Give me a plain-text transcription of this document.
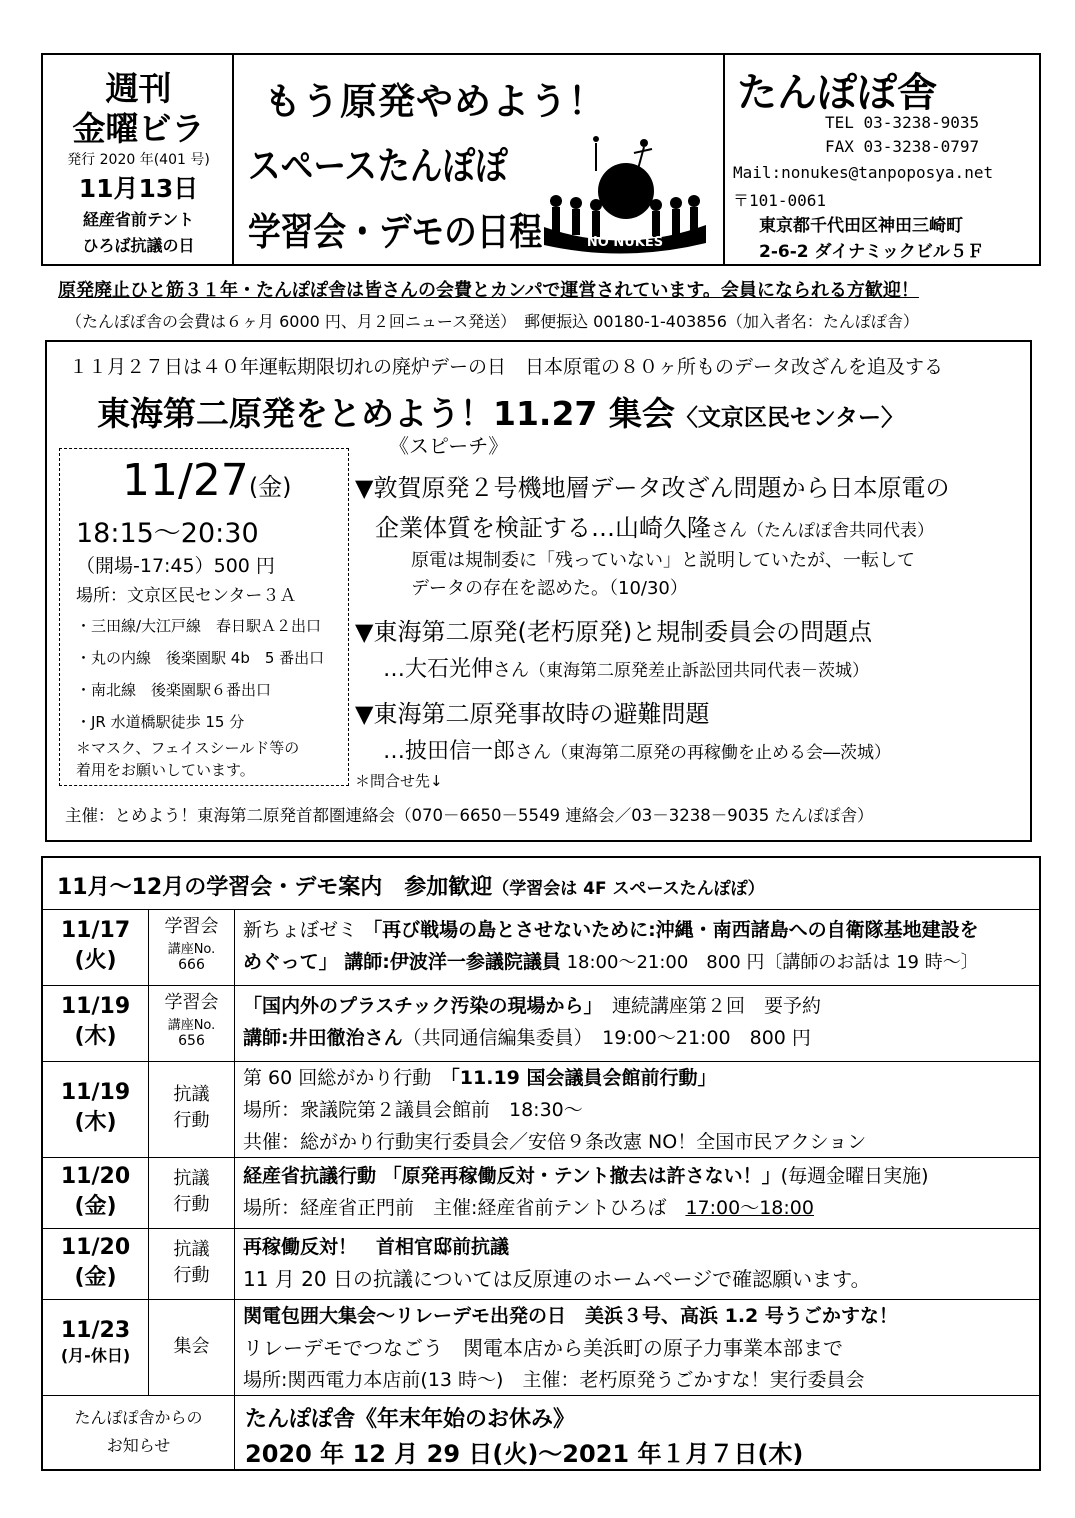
週刊
金曜ビラ
発行 2020 年(401 号)
11月13日
経産省前テント
ひろば抗議の日
もう原発やめよう！
スペースたんぽぽ
学習会・デモの日程	NO NUKES
たんぽぽ舎
TEL 03-3238-9035
FAX 03-3238-0797
Mail:nonukes@tanpoposya.net
〒101-0061
東京都千代田区神田三崎町
2-6-2 ダイナミックビル５Ｆ
原発廃止ひと筋３１年・たんぽぽ舎は皆さんの会費とカンパで運営されています。会員になられる方歓迎！
（たんぽぽ舎の会費は６ヶ月 6000 円、月２回ニュース発送）　郵便振込 00180-1-403856（加入者名：たんぽぽ舎）
１１月２７日は４０年運転期限切れの廃炉デーの日　日本原電の８０ヶ所ものデータ改ざんを追及する
東海第二原発をとめよう！11.27 集会〈文京区民センター〉
《スピーチ》
11/27(金)
18:15～20:30
（開場-17:45）500 円
場所：文京区民センター３Ａ
・三田線/大江戸線　春日駅Ａ２出口
・丸の内線　後楽園駅 4b　5 番出口
・南北線　後楽園駅６番出口
・JR 水道橋駅徒歩 15 分
＊マスク、フェイスシールド等の
着用をお願いしています。
▼敦賀原発２号機地層データ改ざん問題から日本原電の
企業体質を検証する…山崎久隆さん（たんぽぽ舎共同代表）
原電は規制委に「残っていない」と説明していたが、一転して
データの存在を認めた。（10/30）
▼東海第二原発(老朽原発)と規制委員会の問題点
…大石光伸さん（東海第二原発差止訴訟団共同代表－茨城）
▼東海第二原発事故時の避難問題
…披田信一郎さん（東海第二原発の再稼働を止める会―茨城）
＊問合せ先↓
主催：とめよう！東海第二原発首都圏連絡会（070－6650－5549 連絡会／03－3238－9035 たんぽぽ舎）
11月～12月の学習会・デモ案内　参加歓迎（学習会は 4F スペースたんぽぽ）
11/17
(火)
学習会
講座No.
666
新ちょぼゼミ 「再び戦場の島とさせないために:沖縄・南西諸島への自衛隊基地建設を
めぐって」 講師:伊波洋一参議院議員 18:00～21:00　800 円〔講師のお話は 19 時～〕
11/19
(木)
学習会
講座No.
656
「国内外のプラスチック汚染の現場から」　連続講座第２回　要予約
講師:井田徹治さん（共同通信編集委員）　19:00～21:00　800 円
11/19
(木)
抗議
行動
第 60 回総がかり行動　 「11.19 国会議員会館前行動」
場所：衆議院第２議員会館前　18:30～
共催：総がかり行動実行委員会／安倍９条改憲 NO！全国市民アクション
11/20
(金)
抗議
行動
経産省抗議行動 「原発再稼働反対・テント撤去は許さない！」(毎週金曜日実施)
場所：経産省正門前　主催:経産省前テントひろば　17:00～18:00
11/20
(金)
抗議
行動
再稼働反対！　首相官邸前抗議
11 月 20 日の抗議については反原連のホームページで確認願います。
11/23
(月-休日)	集会
関電包囲大集会～リレーデモ出発の日　美浜３号、高浜 1.2 号うごかすな！
リレーデモでつなごう　関電本店から美浜町の原子力事業本部まで
場所:関西電力本店前(13 時～)　主催：老朽原発うごかすな！実行委員会
たんぽぽ舎からの
お知らせ
たんぽぽ舎《年末年始のお休み》
2020 年 12 月 29 日(火)～2021 年１月７日(木)
